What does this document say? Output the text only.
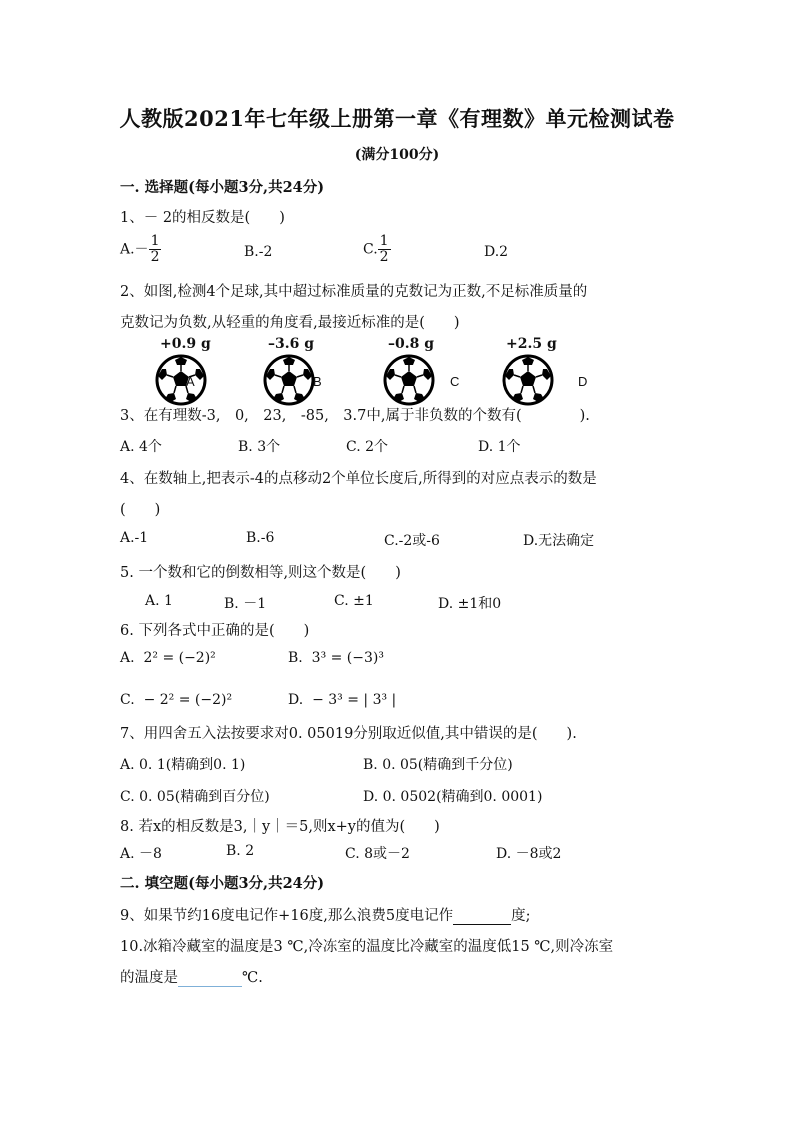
人教版2021年七年级上册第一章《有理数》单元检测试卷
(满分100分)
一. 选择题(每小题3分,共24分)
1、－ 2的相反数是(　　)
$A.- \frac{1}{2}$	B.-2	C. $\frac{1}{2}$	D.2
2、如图,检测4个足球,其中超过标准质量的克数记为正数,不足标准质量的
克数记为负数,从轻重的角度看,最接近标准的是(　　)
+0.9 g	–3.6 g	–0.8 g	+2.5 g
A	B	C	D
3、在有理数-3,　0,　23,　-85,　3.7中,属于非负数的个数有(　　　　).
A. 4个	B. 3个	C. 2个	D. 1个
4、在数轴上,把表示-4的点移动2个单位长度后,所得到的对应点表示的数是
(　　)
A.-1	B.-6	C.-2或-6	D.无法确定
5. 一个数和它的倒数相等,则这个数是(　　)
A. 1	B. －1	C. ±1	D. ±1和0
6. 下列各式中正确的是(　　)
A. 2² = (−2)²	B. 3³ = (−3)³
C. − 2² = (−2)²	D. − 3³ = | 3³ |
7、用四舍五入法按要求对0. 05019分别取近似值,其中错误的是(　　).
A. 0. 1(精确到0. 1)	B. 0. 05(精确到千分位)
C. 0. 05(精确到百分位)	D. 0. 0502(精确到0. 0001)
8. 若x的相反数是3,｜y｜＝5,则x+y的值为(　　)
A. －8	B. 2	C. 8或－2	D. －8或2
二. 填空题(每小题3分,共24分)
9、如果节约16度电记作+16度,那么浪费5度电记作	度;
10.冰箱冷藏室的温度是3 ℃,冷冻室的温度比冷藏室的温度低15 ℃,则冷冻室
的温度是	℃.
